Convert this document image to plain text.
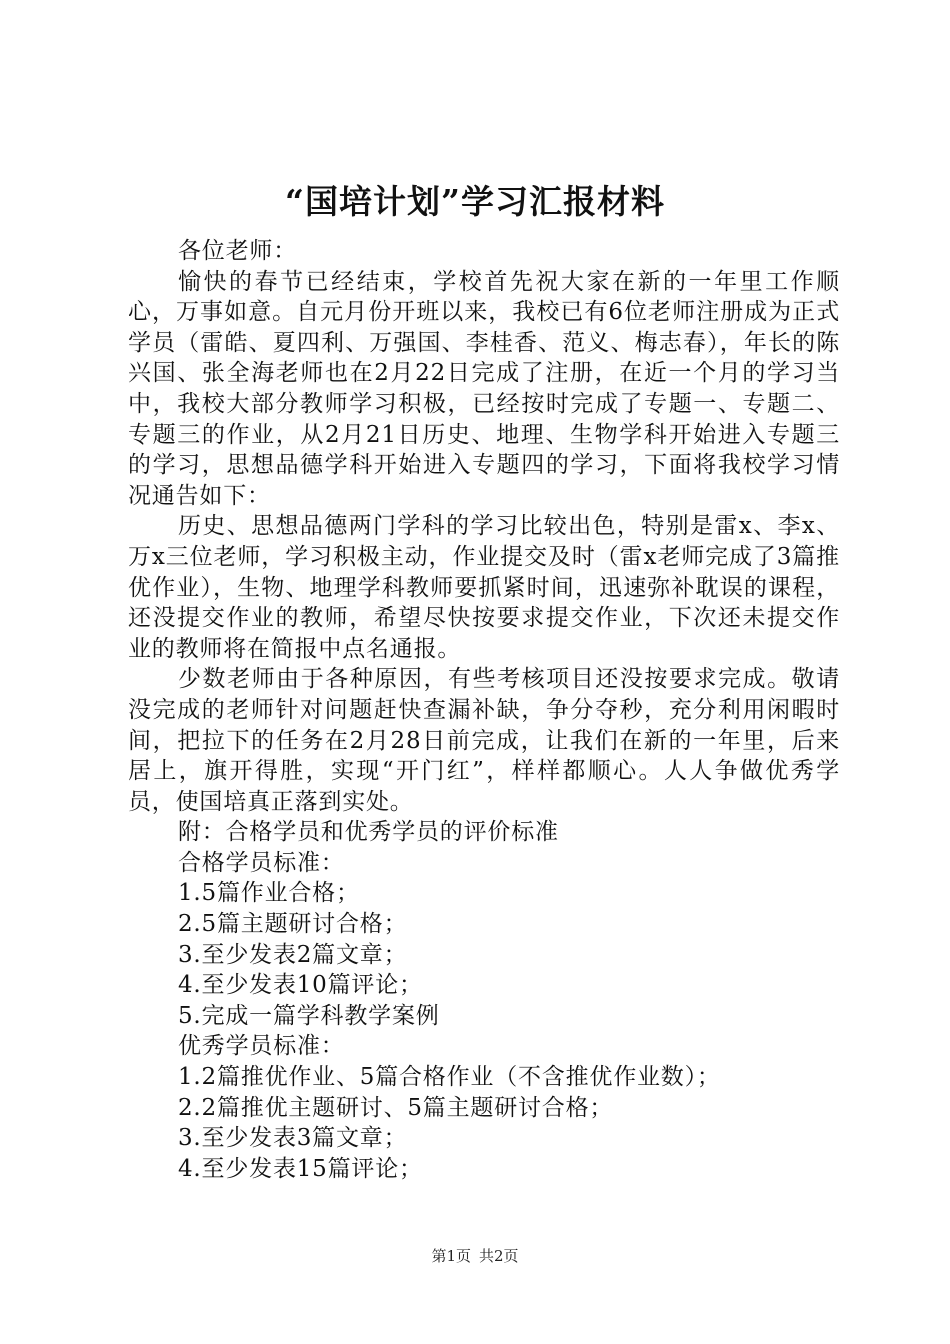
“国培计划”学习汇报材料

各位老师：

愉快的春节已经结束，学校首先祝大家在新的一年里工作顺心，万事如意。自元月份开班以来，我校已有6位老师注册成为正式学员（雷皓、夏四利、万强国、李桂香、范义、梅志春），年长的陈兴国、张全海老师也在2月22日完成了注册，在近一个月的学习当中，我校大部分教师学习积极，已经按时完成了专题一、专题二、专题三的作业，从2月21日历史、地理、生物学科开始进入专题三的学习，思想品德学科开始进入专题四的学习，下面将我校学习情况通告如下：

历史、思想品德两门学科的学习比较出色，特别是雷x、李x、万x三位老师，学习积极主动，作业提交及时（雷x老师完成了3篇推优作业），生物、地理学科教师要抓紧时间，迅速弥补耽误的课程，还没提交作业的教师，希望尽快按要求提交作业，下次还未提交作业的教师将在简报中点名通报。

少数老师由于各种原因，有些考核项目还没按要求完成。敬请没完成的老师针对问题赶快查漏补缺，争分夺秒，充分利用闲暇时间，把拉下的任务在2月28日前完成，让我们在新的一年里，后来居上，旗开得胜，实现“开门红”，样样都顺心。人人争做优秀学员，使国培真正落到实处。

附：合格学员和优秀学员的评价标准

合格学员标准：

1.5篇作业合格；

2.5篇主题研讨合格；

3.至少发表2篇文章；

4.至少发表10篇评论；

5.完成一篇学科教学案例

优秀学员标准：

1.2篇推优作业、5篇合格作业（不含推优作业数）；

2.2篇推优主题研讨、5篇主题研讨合格；

3.至少发表3篇文章；

4.至少发表15篇评论；

第1页 共2页
